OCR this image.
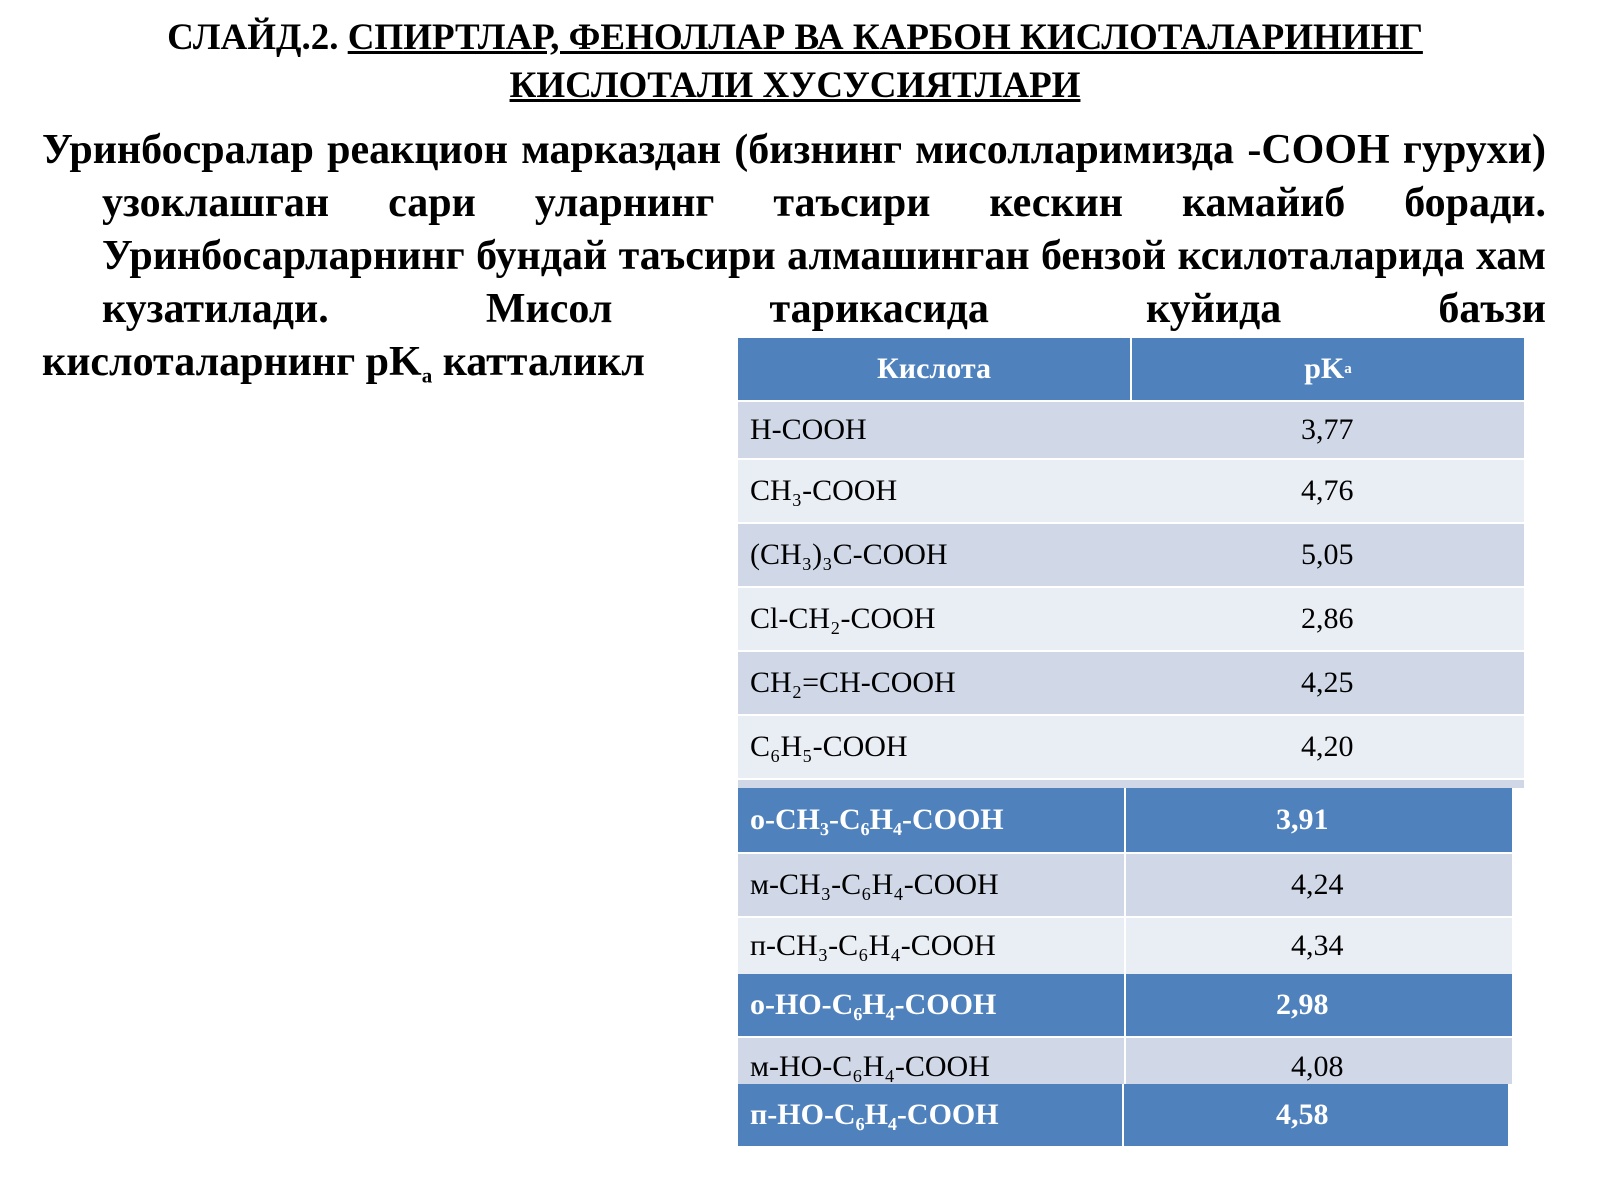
СЛАЙД.2. СПИРТЛАР, ФЕНОЛЛАР ВА КАРБОН КИСЛОТАЛАРИНИНГ
КИСЛОТАЛИ ХУСУСИЯТЛАРИ
Уринбосралар реакцион марказдан (бизнинг мисолларимизда -COOH гурухи) узоклашган сари уларнинг таъсири кескин камайиб боради. Уринбосарларнинг бундай таъсири алмашинган бензой ксилоталарида хам кузатилади. Мисол тарикасида куйида баъзи
кислоталарнинг $pK_a$ катталикл	Кислота	pK a
H-COOH	3,77
CH₃-COOH	4,76
(CH₃)₃C-COOH	5,05
Cl-CH₂-COOH	2,86
CH₂=CH-COOH	4,25
C₆H₅-COOH	4,20
o-CH₃-C₆H₄-COOH	3,91
м-CH₃-C₆H₄-COOH	4,24
п-CH₃-C₆H₄-COOH	4,34
o-HO-C₆H₄-COOH	2,98
м-HO-C₆H₄-COOH	4,08
п-HO-C₆H₄-COOH	4,58
